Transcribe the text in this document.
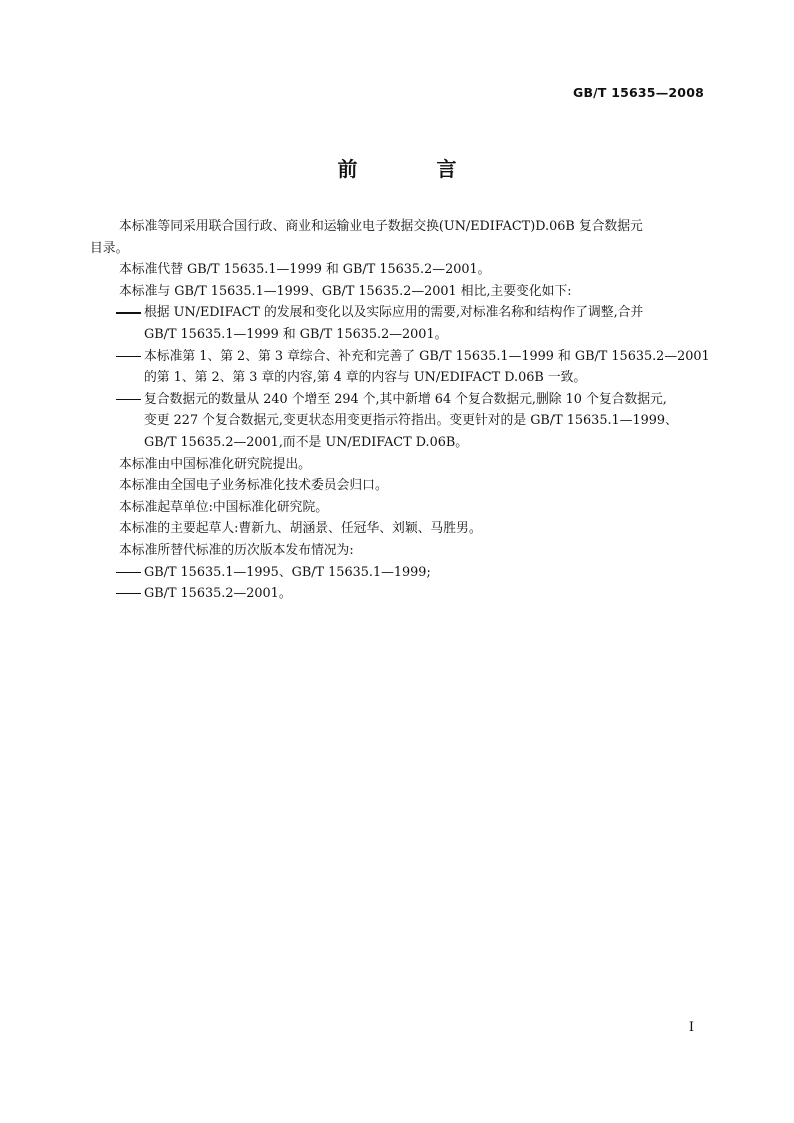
GB/T 15635—2008
前 言

本标准等同采用联合国行政、商业和运输业电子数据交换(UN/EDIFACT)D.06B 复合数据元

目录。

本标准代替 GB/T 15635.1—1999 和 GB/T 15635.2—2001。

本标准与 GB/T 15635.1—1999、GB/T 15635.2—2001 相比,主要变化如下:

根据 UN/EDIFACT 的发展和变化以及实际应用的需要,对标准名称和结构作了调整,合并
GB/T 15635.1—1999 和 GB/T 15635.2—2001。
本标准第 1、第 2、第 3 章综合、补充和完善了 GB/T 15635.1—1999 和 GB/T 15635.2—2001
的第 1、第 2、第 3 章的内容,第 4 章的内容与 UN/EDIFACT D.06B 一致。
复合数据元的数量从 240 个增至 294 个,其中新增 64 个复合数据元,删除 10 个复合数据元,
变更 227 个复合数据元,变更状态用变更指示符指出。变更针对的是 GB/T 15635.1—1999、
GB/T 15635.2—2001,而不是 UN/EDIFACT D.06B。

本标准由中国标准化研究院提出。

本标准由全国电子业务标准化技术委员会归口。

本标准起草单位:中国标准化研究院。

本标准的主要起草人:曹新九、胡涵景、任冠华、刘颖、马胜男。

本标准所替代标准的历次版本发布情况为:

GB/T 15635.1—1995、GB/T 15635.1—1999;
GB/T 15635.2—2001。
I
